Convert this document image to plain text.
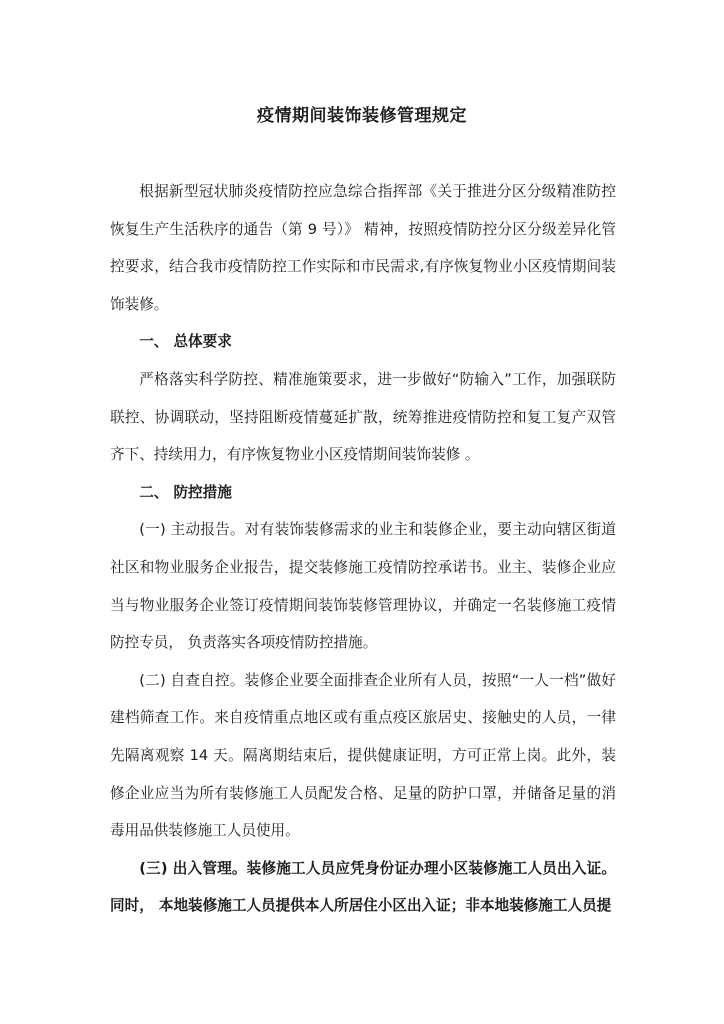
疫情期间装饰装修管理规定

根据新型冠状肺炎疫情防控应急综合指挥部《关于推进分区分级精准防控恢复生产生活秩序的通告（第 9 号）》 精神，按照疫情防控分区分级差异化管控要求，结合我市疫情防控工作实际和市民需求,有序恢复物业小区疫情期间装饰装修。

一、 总体要求

严格落实科学防控、精准施策要求，进一步做好“防输入”工作，加强联防联控、协调联动，坚持阻断疫情蔓延扩散，统筹推进疫情防控和复工复产双管齐下、持续用力，有序恢复物业小区疫情期间装饰装修 。

二、 防控措施

(一) 主动报告。对有装饰装修需求的业主和装修企业，要主动向辖区街道社区和物业服务企业报告，提交装修施工疫情防控承诺书。业主、装修企业应当与物业服务企业签订疫情期间装饰装修管理协议，并确定一名装修施工疫情防控专员， 负责落实各项疫情防控措施。

(二) 自查自控。装修企业要全面排查企业所有人员，按照“一人一档”做好建档筛查工作。来自疫情重点地区或有重点疫区旅居史、接触史的人员，一律先隔离观察 14 天。隔离期结束后，提供健康证明，方可正常上岗。此外，装修企业应当为所有装修施工人员配发合格、足量的防护口罩，并储备足量的消毒用品供装修施工人员使用。

(三) 出入管理。装修施工人员应凭身份证办理小区装修施工人员出入证。同时， 本地装修施工人员提供本人所居住小区出入证；非本地装修施工人员提
